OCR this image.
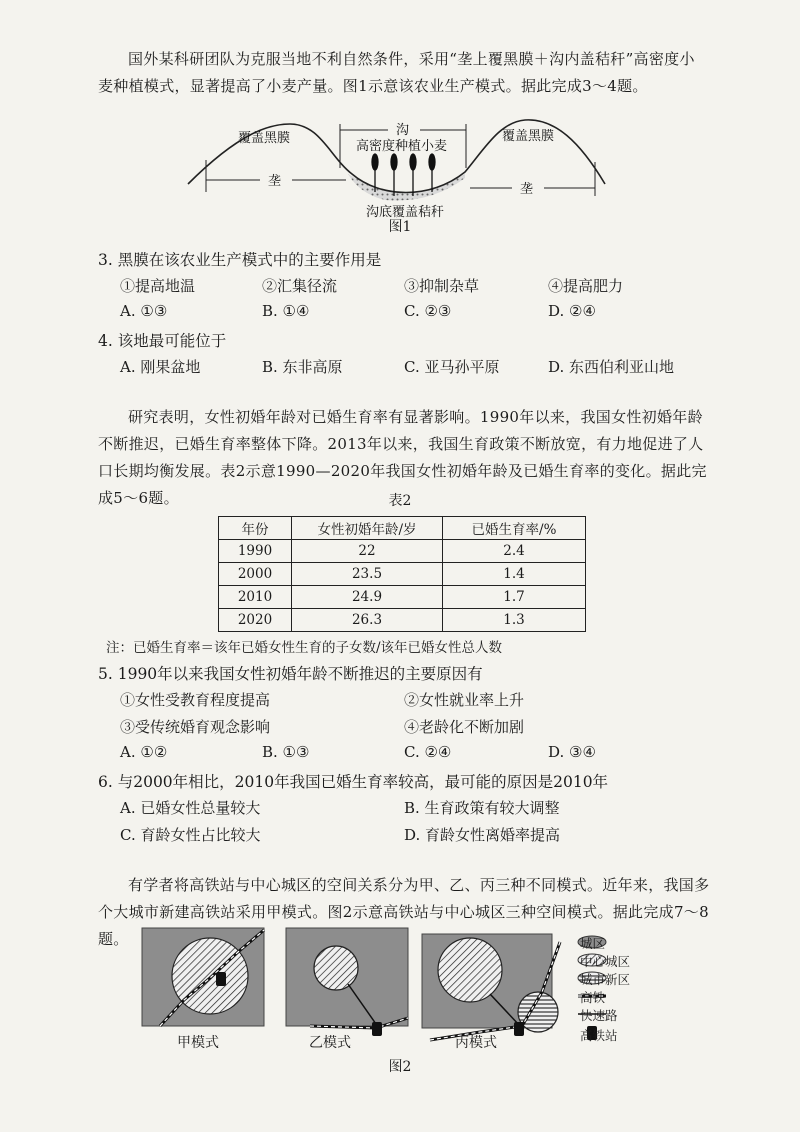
国外某科研团队为克服当地不利自然条件，采用“垄上覆黑膜＋沟内盖秸秆”高密度小麦种植模式，显著提高了小麦产量。图1示意该农业生产模式。据此完成3～4题。
覆盖黑膜	覆盖黑膜
沟
高密度种植小麦
垄
垄
沟底覆盖秸秆
图1
3. 黑膜在该农业生产模式中的主要作用是
①提高地温	②汇集径流	③抑制杂草	④提高肥力
A. ①③	B. ①④	C. ②③	D. ②④
4. 该地最可能位于
A. 刚果盆地	B. 东非高原	C. 亚马孙平原	D. 东西伯利亚山地
研究表明，女性初婚年龄对已婚生育率有显著影响。1990年以来，我国女性初婚年龄不断推迟，已婚生育率整体下降。2013年以来，我国生育政策不断放宽，有力地促进了人口长期均衡发展。表2示意1990—2020年我国女性初婚年龄及已婚生育率的变化。据此完成5～6题。	表2
年份	女性初婚年龄/岁	已婚生育率/%
1990	22	2.4
2000	23.5	1.4
2010	24.9	1.7
2020	26.3	1.3
注：已婚生育率＝该年已婚女性生育的子女数/该年已婚女性总人数
5. 1990年以来我国女性初婚年龄不断推迟的主要原因有
①女性受教育程度提高	②女性就业率上升
③受传统婚育观念影响	④老龄化不断加剧
A. ①②	B. ①③	C. ②④	D. ③④
6. 与2000年相比，2010年我国已婚生育率较高，最可能的原因是2010年
A. 已婚女性总量较大	B. 生育政策有较大调整
C. 育龄女性占比较大	D. 育龄女性离婚率提高
有学者将高铁站与中心城区的空间关系分为甲、乙、丙三种不同模式。近年来，我国多个大城市新建高铁站采用甲模式。图2示意高铁站与中心城区三种空间模式。据此完成7～8题。	城区
中心城区
城市新区
高铁
快速路
高铁站
甲模式	乙模式	丙模式
图2
